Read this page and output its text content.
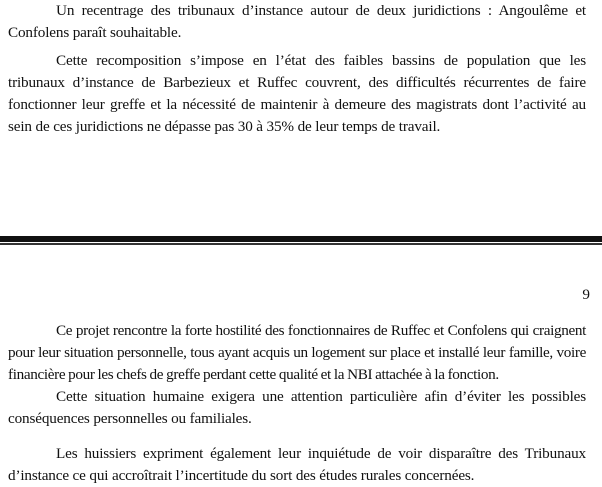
Un recentrage des tribunaux d’instance autour de deux juridictions : Angoulême et Confolens paraît souhaitable.

Cette recomposition s’impose en l’état des faibles bassins de population que les tribunaux d’instance de Barbezieux et Ruffec couvrent, des difficultés récurrentes de faire fonctionner leur greffe et la nécessité de maintenir à demeure des magistrats dont l’activité au sein de ces juridictions ne dépasse pas 30 à 35% de leur temps de travail.

9

Ce projet rencontre la forte hostilité des fonctionnaires de Ruffec et Confolens qui craignent pour leur situation personnelle, tous ayant acquis un logement sur place et installé leur famille, voire financière pour les chefs de greffe perdant cette qualité et la NBI attachée à la fonction.

Cette situation humaine exigera une attention particulière afin d’éviter les possibles conséquences personnelles ou familiales.

Les huissiers expriment également leur inquiétude de voir disparaître des Tribunaux d’instance ce qui accroîtrait l’incertitude du sort des études rurales concernées.
